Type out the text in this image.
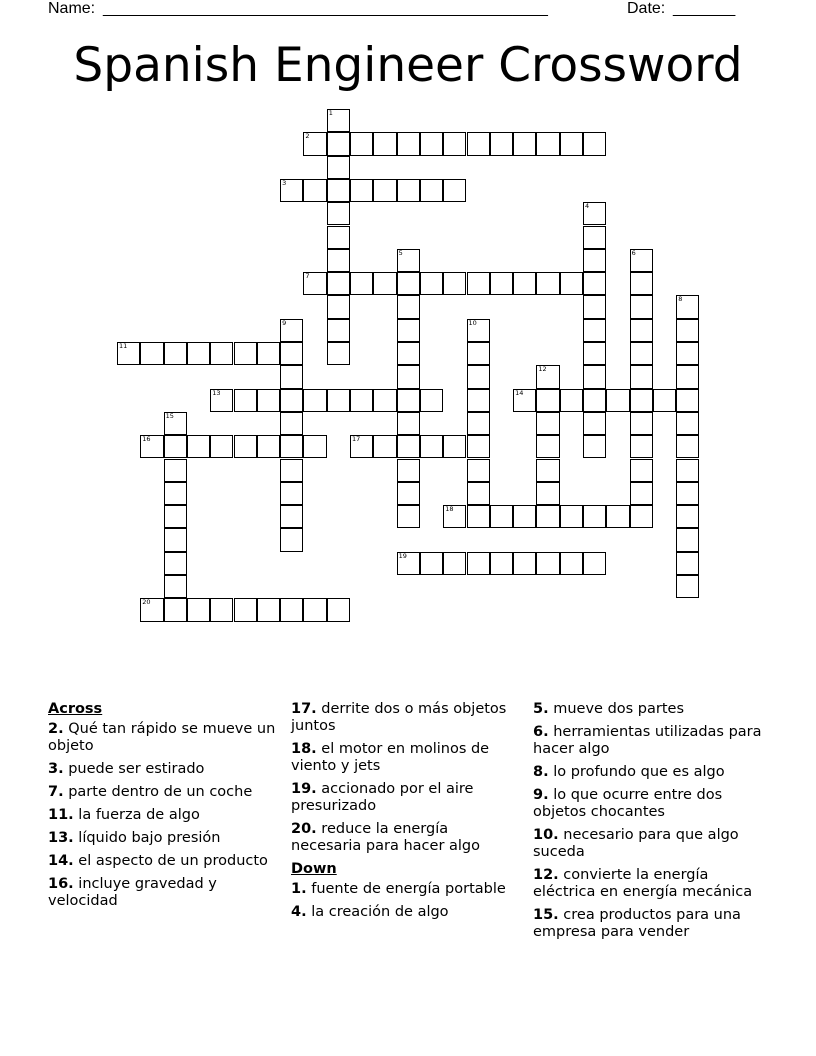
Name: __________________________________________________	Date: _______
Spanish Engineer Crossword
1
2
3
4
5	6
7
8
9	10
11
12
13	14
15
16	17
18
19
20
Across
2. Qué tan rápido se mueve un objeto
3. puede ser estirado
7. parte dentro de un coche
11. la fuerza de algo
13. líquido bajo presión
14. el aspecto de un producto
16. incluye gravedad y velocidad
17. derrite dos o más objetos juntos
18. el motor en molinos de viento y jets
19. accionado por el aire presurizado
20. reduce la energía necesaria para hacer algo
Down
1. fuente de energía portable
4. la creación de algo
5. mueve dos partes
6. herramientas utilizadas para hacer algo
8. lo profundo que es algo
9. lo que ocurre entre dos objetos chocantes
10. necesario para que algo suceda
12. convierte la energía eléctrica en energía mecánica
15. crea productos para una empresa para vender
